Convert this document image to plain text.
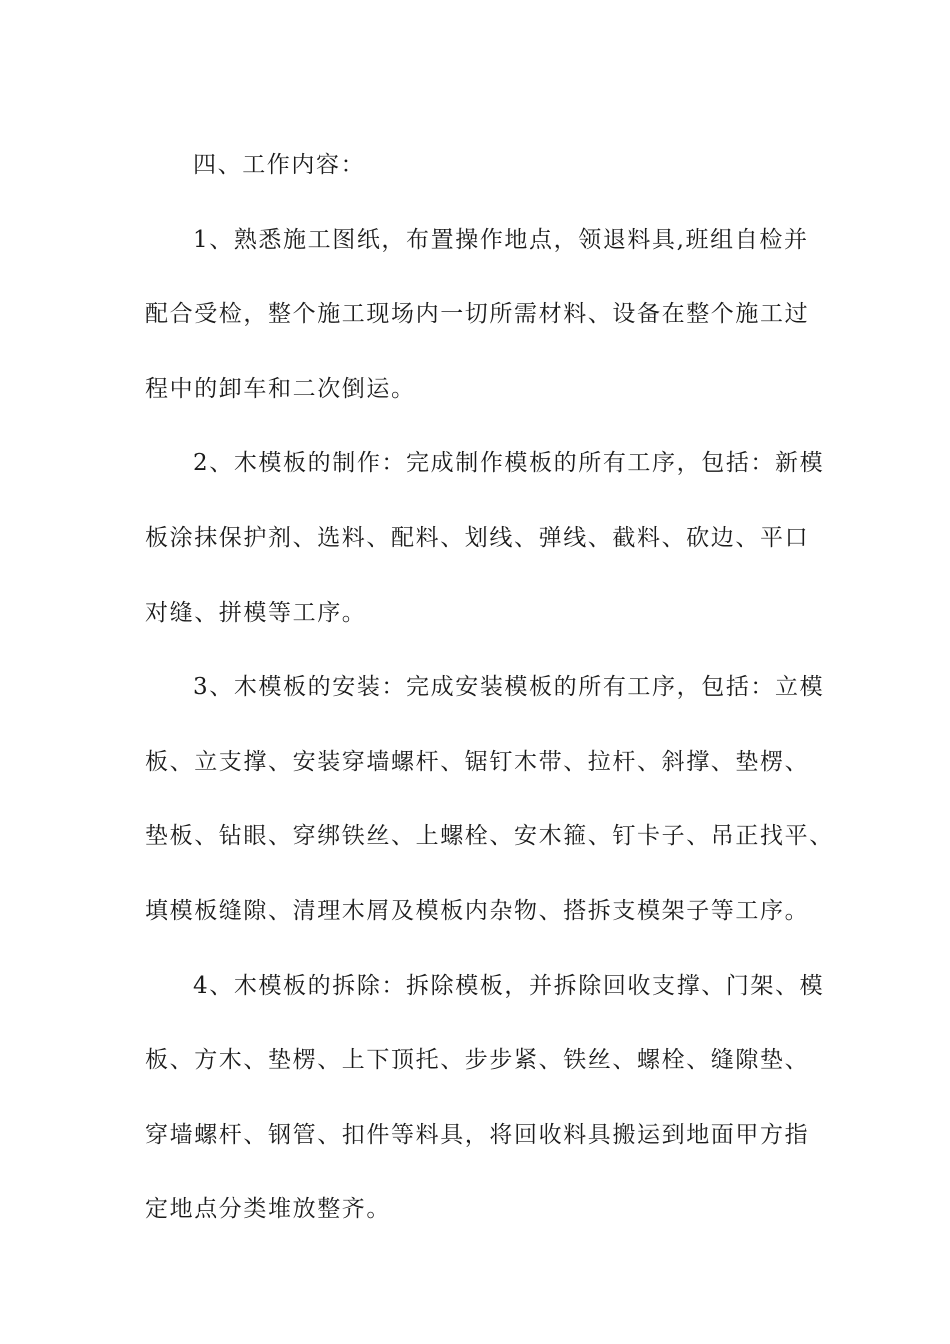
四、工作内容：
1、熟悉施工图纸，布置操作地点，领退料具,班组自检并
配合受检，整个施工现场内一切所需材料、设备在整个施工过
程中的卸车和二次倒运。
2、木模板的制作：完成制作模板的所有工序，包括：新模
板涂抹保护剂、选料、配料、划线、弹线、截料、砍边、平口
对缝、拼模等工序。
3、木模板的安装：完成安装模板的所有工序，包括：立模
板、立支撑、安装穿墙螺杆、锯钉木带、拉杆、斜撑、垫楞、
垫板、钻眼、穿绑铁丝、上螺栓、安木箍、钉卡子、吊正找平、
填模板缝隙、清理木屑及模板内杂物、搭拆支模架子等工序。
4、木模板的拆除：拆除模板，并拆除回收支撑、门架、模
板、方木、垫楞、上下顶托、步步紧、铁丝、螺栓、缝隙垫、
穿墙螺杆、钢管、扣件等料具，将回收料具搬运到地面甲方指
定地点分类堆放整齐。
